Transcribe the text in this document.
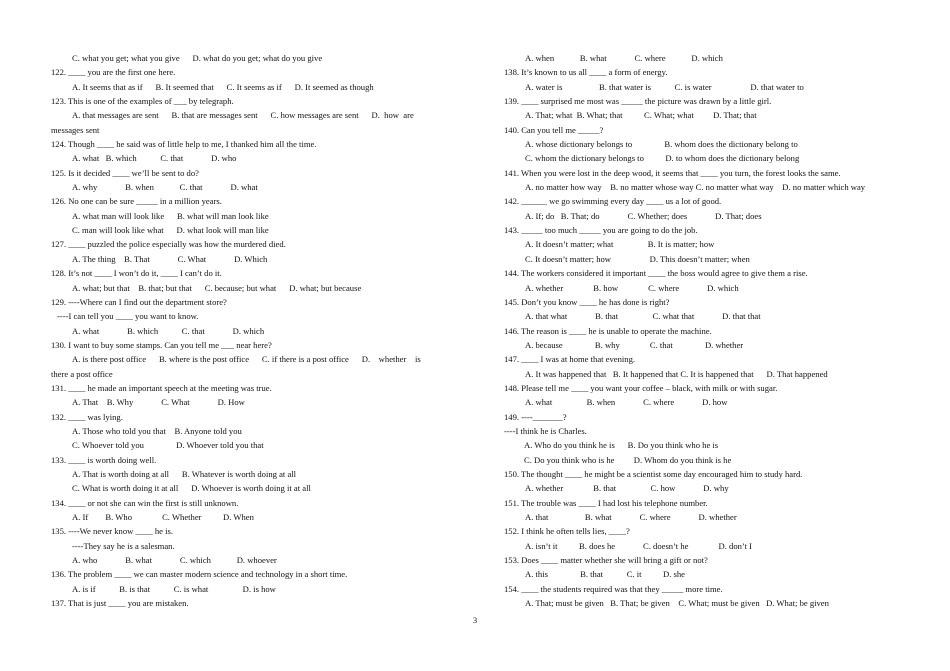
C. what you get; what you give      D. what do you get; what do you give
122. ____ you are the first one here.
A. It seems that as if      B. It seemed that      C. It seems as if      D. It seemed as though
123. This is one of the examples of ___ by telegraph.
A. that messages are sent      B. that are messages sent      C. how messages are sent      D.  how  are
messages sent
124. Though ____ he said was of little help to me, I thanked him all the time.
A. what   B. which           C. that             D. who
125. Is it decided ____ we’ll be sent to do?
A. why             B. when            C. that             D. what
126. No one can be sure _____ in a million years.
A. what man will look like      B. what will man look like
C. man will look like what      D. what look will man like
127. ____ puzzled the police especially was how the murdered died.
A. The thing    B. That             C. What             D. Which
128. It’s not ____ I won’t do it, ____ I can’t do it.
A. what; but that    B. that; but that      C. because; but what      D. what; but because
129. ----Where can I find out the department store?
----I can tell you ____ you want to know.
A. what             B. which           C. that             D. which
130. I want to buy some stamps. Can you tell me ___ near here?
A. is there post office      B. where is the post office      C. if there is a post office      D.    whether    is
there a post office
131. ____ he made an important speech at the meeting was true.
A. That    B. Why             C. What             D. How
132. ____ was lying.
A. Those who told you that    B. Anyone told you
C. Whoever told you               D. Whoever told you that
133. ____ is worth doing well.
A. That is worth doing at all      B. Whatever is worth doing at all
C. What is worth doing it at all      D. Whoever is worth doing it at all
134. ____ or not she can win the first is still unknown.
A. If        B. Who              C. Whether          D. When
135. ----We never know ____ he is.
----They say he is a salesman.
A. who             B. what             C. which            D. whoever
136. The problem ____ we can master modern science and technology in a short time.
A. is if           B. is that           C. is what                D. is how
137. That is just ____ you are mistaken.
A. when            B. what             C. where            D. which
138. It’s known to us all ____ a form of energy.
A. water is                 B. that water is           C. is water                  D. that water to
139. ____ surprised me most was _____ the picture was drawn by a little girl.
A. That; what  B. What; that          C. What; what         D. That; that
140. Can you tell me _____?
A. whose dictionary belongs to               B. whom does the dictionary belong to
C. whom the dictionary belongs to          D. to whom does the dictionary belong
141. When you were lost in the deep wood, it seems that ____ you turn, the forest looks the same.
A. no matter how way    B. no matter whose way C. no matter what way    D. no matter which way
142. ______ we go swimming every day ____ us a lot of good.
A. If; do   B. That; do             C. Whether; does             D. That; does
143. _____ too much _____ you are going to do the job.
A. It doesn’t matter; what                B. It is matter; how
C. It doesn’t matter; how                  D. This doesn’t matter; when
144. The workers considered it important ____ the boss would agree to give them a rise.
A. whether              B. how              C. where             D. which
145. Don’t you know ____ he has done is right?
A. that what             B. that                C. what that             D. that that
146. The reason is ____ he is unable to operate the machine.
A. because               B. why              C. that               D. whether
147. ____ I was at home that evening.
A. It was happened that   B. It happened that C. It is happened that      D. That happened
148. Please tell me ____ you want your coffee – black, with milk or with sugar.
A. what                B. when             C. where             D. how
149. ----_______?
----I think he is Charles.
A. Who do you think he is      B. Do you think who he is
C. Do you think who is he         D. Whom do you think is he
150. The thought ____ he might be a scientist some day encouraged him to study hard.
A. whether              B. that                C. how             D. why
151. The trouble was ____ I had lost his telephone number.
A. that                 B. what             C. where             D. whether
152. I think he often tells lies, ____?
A. isn’t it          B. does he             C. doesn’t he              D. don’t I
153. Does ____ matter whether she will bring a gift or not?
A. this               B. that           C. it          D. she
154. ____ the students required was that they _____ more time.
A. That; must be given   B. That; be given    C. What; must be given   D. What; be given
3
